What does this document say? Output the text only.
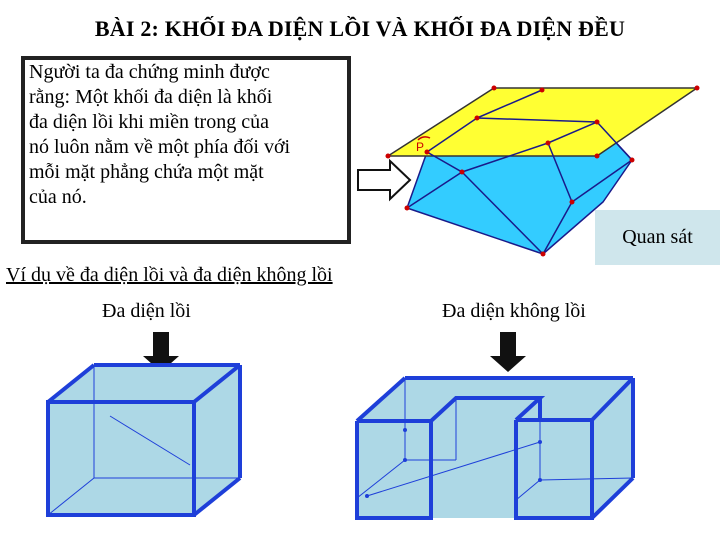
BÀI 2: KHỐI ĐA DIỆN LỒI VÀ KHỐI ĐA DIỆN ĐỀU
Người ta đa chứng minh được
rằng: Một khối đa diện là khối
đa diện lồi khi miền trong của
nó luôn nằm về một phía đối với
mỗi mặt phẳng chứa một mặt
của nó.
P
Quan sát
Ví dụ về đa diện lồi và đa diện không lồi
Đa diện lồi	Đa diện không lồi
